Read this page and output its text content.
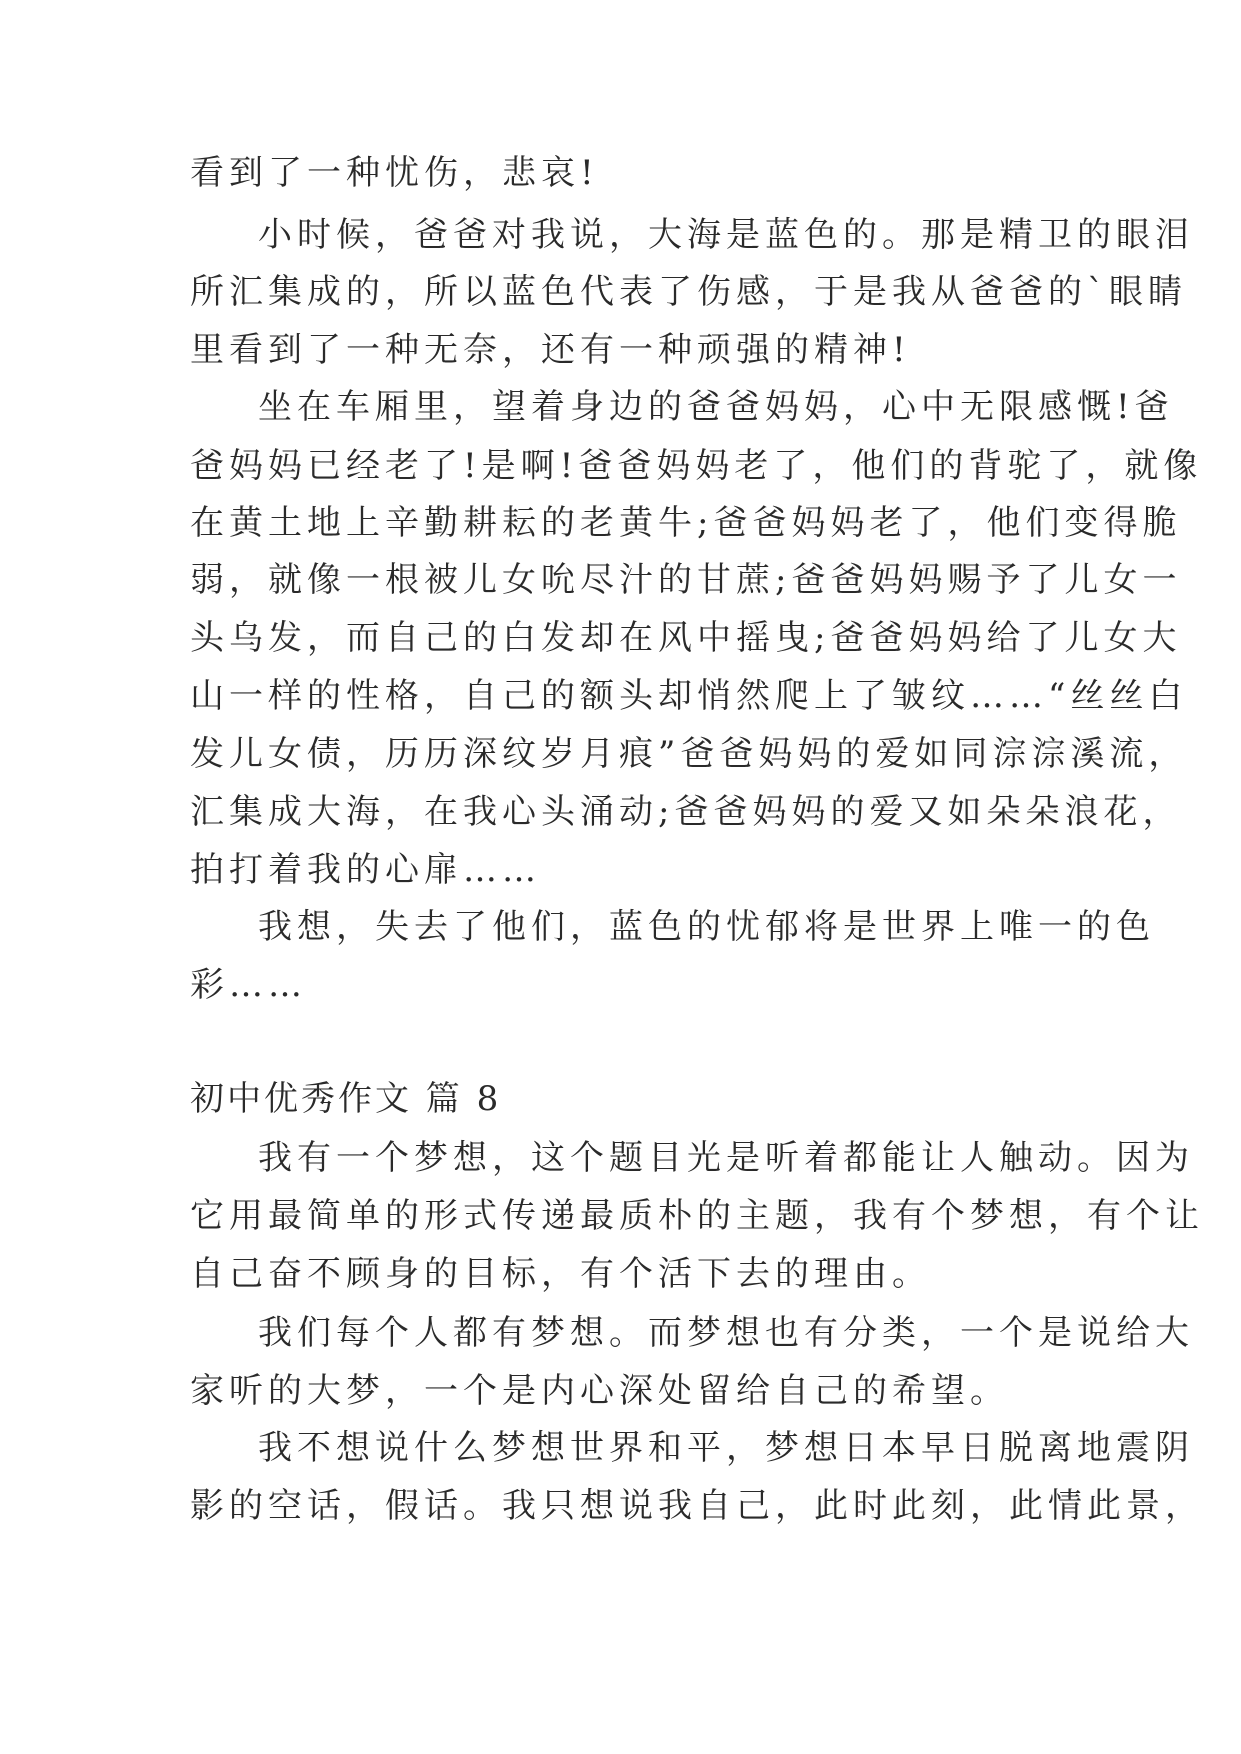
看到了一种忧伤，悲哀!
小时候，爸爸对我说，大海是蓝色的。那是精卫的眼泪
所汇集成的，所以蓝色代表了伤感，于是我从爸爸的`眼睛
里看到了一种无奈，还有一种顽强的精神!
坐在车厢里，望着身边的爸爸妈妈，心中无限感慨!爸
爸妈妈已经老了!是啊!爸爸妈妈老了，他们的背驼了，就像
在黄土地上辛勤耕耘的老黄牛;爸爸妈妈老了，他们变得脆
弱，就像一根被儿女吮尽汁的甘蔗;爸爸妈妈赐予了儿女一
头乌发，而自己的白发却在风中摇曳;爸爸妈妈给了儿女大
山一样的性格，自己的额头却悄然爬上了皱纹……“丝丝白
发儿女债，历历深纹岁月痕”爸爸妈妈的爱如同淙淙溪流，
汇集成大海，在我心头涌动;爸爸妈妈的爱又如朵朵浪花，
拍打着我的心扉……
我想，失去了他们，蓝色的忧郁将是世界上唯一的色
彩……
初中优秀作文 篇 8
我有一个梦想，这个题目光是听着都能让人触动。因为
它用最简单的形式传递最质朴的主题，我有个梦想，有个让
自己奋不顾身的目标，有个活下去的理由。
我们每个人都有梦想。而梦想也有分类，一个是说给大
家听的大梦，一个是内心深处留给自己的希望。
我不想说什么梦想世界和平，梦想日本早日脱离地震阴
影的空话，假话。我只想说我自己，此时此刻，此情此景，
